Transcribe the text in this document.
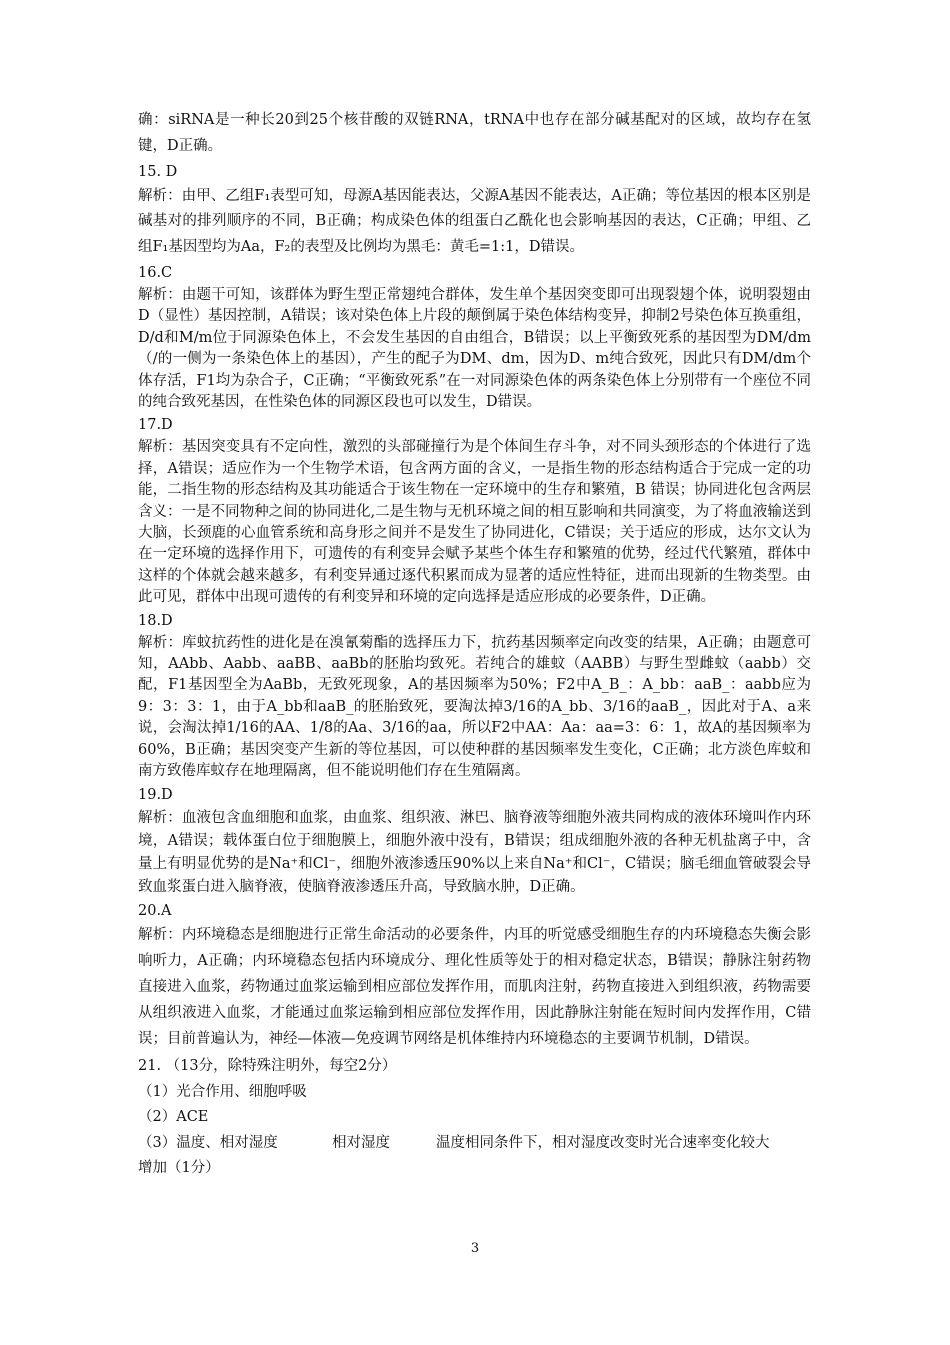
确：siRNA是一种长20到25个核苷酸的双链RNA，tRNA中也存在部分碱基配对的区域，故均存在氢键，D正确。

15. D

解析：由甲、乙组F₁表型可知，母源A基因能表达，父源A基因不能表达，A正确；等位基因的根本区别是碱基对的排列顺序的不同，B正确；构成染色体的组蛋白乙酰化也会影响基因的表达，C正确；甲组、乙组F₁基因型均为Aa，F₂的表型及比例均为黑毛：黄毛=1:1，D错误。

16.C

解析：由题干可知，该群体为野生型正常翅纯合群体，发生单个基因突变即可出现裂翅个体，说明裂翅由D（显性）基因控制，A错误；该对染色体上片段的颠倒属于染色体结构变异，抑制2号染色体互换重组，D/d和M/m位于同源染色体上，不会发生基因的自由组合，B错误；以上平衡致死系的基因型为DM/dm（/的一侧为一条染色体上的基因），产生的配子为DM、dm，因为D、m纯合致死，因此只有DM/dm个体存活，F1均为杂合子，C正确；“平衡致死系”在一对同源染色体的两条染色体上分别带有一个座位不同的纯合致死基因，在性染色体的同源区段也可以发生，D错误。

17.D

解析：基因突变具有不定向性，激烈的头部碰撞行为是个体间生存斗争，对不同头颈形态的个体进行了选择，A错误；适应作为一个生物学术语，包含两方面的含义，一是指生物的形态结构适合于完成一定的功能，二指生物的形态结构及其功能适合于该生物在一定环境中的生存和繁殖，B 错误；协同进化包含两层含义：一是不同物种之间的协同进化,二是生物与无机环境之间的相互影响和共同演变，为了将血液输送到大脑，长颈鹿的心血管系统和高身形之间并不是发生了协同进化，C错误；关于适应的形成，达尔文认为在一定环境的选择作用下，可遗传的有利变异会赋予某些个体生存和繁殖的优势，经过代代繁殖，群体中这样的个体就会越来越多，有利变异通过逐代积累而成为显著的适应性特征，进而出现新的生物类型。由此可见，群体中出现可遗传的有利变异和环境的定向选择是适应形成的必要条件，D正确。

18.D

解析：库蚊抗药性的进化是在溴氰菊酯的选择压力下，抗药基因频率定向改变的结果，A正确；由题意可知，AAbb、Aabb、aaBB、aaBb的胚胎均致死。若纯合的雄蚊（AABB）与野生型雌蚊（aabb）交配，F1基因型全为AaBb，无致死现象，A的基因频率为50%；F2中A_B_：A_bb：aaB_：aabb应为9：3：3：1，由于A_bb和aaB_的胚胎致死，要淘汰掉3/16的A_bb、3/16的aaB_，因此对于A、a来说，会淘汰掉1/16的AA、1/8的Aa、3/16的aa，所以F2中AA：Aa：aa=3：6：1，故A的基因频率为60%，B正确；基因突变产生新的等位基因，可以使种群的基因频率发生变化，C正确；北方淡色库蚊和南方致倦库蚊存在地理隔离，但不能说明他们存在生殖隔离。

19.D

解析：血液包含血细胞和血浆，由血浆、组织液、淋巴、脑脊液等细胞外液共同构成的液体环境叫作内环境，A错误；载体蛋白位于细胞膜上，细胞外液中没有，B错误；组成细胞外液的各种无机盐离子中，含量上有明显优势的是Na⁺和Cl⁻，细胞外液渗透压90%以上来自Na⁺和Cl⁻，C错误；脑毛细血管破裂会导致血浆蛋白进入脑脊液，使脑脊液渗透压升高，导致脑水肿，D正确。

20.A

解析：内环境稳态是细胞进行正常生命活动的必要条件，内耳的听觉感受细胞生存的内环境稳态失衡会影响听力，A正确；内环境稳态包括内环境成分、理化性质等处于的相对稳定状态，B错误；静脉注射药物直接进入血浆，药物通过血浆运输到相应部位发挥作用，而肌肉注射，药物直接进入到组织液，药物需要从组织液进入血浆，才能通过血浆运输到相应部位发挥作用，因此静脉注射能在短时间内发挥作用，C错误；目前普遍认为，神经—体液—免疫调节网络是机体维持内环境稳态的主要调节机制，D错误。

21. （13分，除特殊注明外，每空2分）

（1）光合作用、细胞呼吸

（2）ACE

（3）温度、相对湿度	相对湿度	温度相同条件下，相对湿度改变时光合速率变化较大

增加（1分）

3
